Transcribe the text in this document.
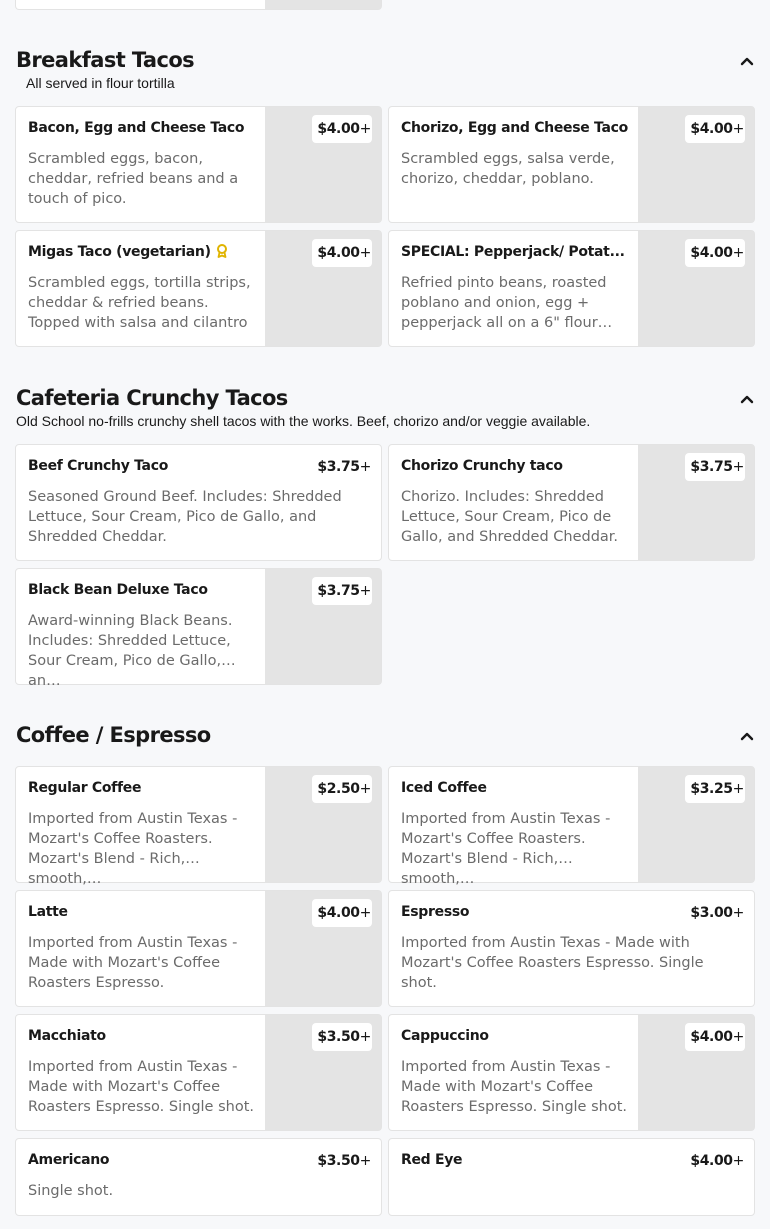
Breakfast Tacos
All served in flour tortilla
Bacon, Egg and Cheese Taco
Scrambled eggs, bacon, cheddar, refried beans and a touch of pico.
$4.00+ Chorizo, Egg and Cheese Taco
Scrambled eggs, salsa verde, chorizo, cheddar, poblano.
$4.00+
Migas Taco (vegetarian)
Scrambled eggs, tortilla strips, cheddar & refried beans. Topped with salsa and cilantro
$4.00+ SPECIAL: Pepperjack/ Potat...
Refried pinto beans, roasted poblano and onion, egg + pepperjack all on a 6" flour…
$4.00+
Cafeteria Crunchy Tacos
Old School no-frills crunchy shell tacos with the works. Beef, chorizo and/or veggie available.
Beef Crunchy Taco
Seasoned Ground Beef. Includes: Shredded Lettuce, Sour Cream, Pico de Gallo, and Shredded Cheddar.
$3.75+ Chorizo Crunchy taco
Chorizo. Includes: Shredded Lettuce, Sour Cream, Pico de Gallo, and Shredded Cheddar.
$3.75+
Black Bean Deluxe Taco
Award-winning Black Beans. Includes: Shredded Lettuce, Sour Cream, Pico de Gallo, an…
$3.75+
Coffee / Espresso
Regular Coffee
Imported from Austin Texas - Mozart's Coffee Roasters. Mozart's Blend - Rich, smooth,…
$2.50+ Iced Coffee
Imported from Austin Texas - Mozart's Coffee Roasters. Mozart's Blend - Rich, smooth,…
$3.25+
Latte
Imported from Austin Texas - Made with Mozart's Coffee Roasters Espresso.
$4.00+ Espresso
Imported from Austin Texas - Made with Mozart's Coffee Roasters Espresso. Single shot.
$3.00+
Macchiato
Imported from Austin Texas - Made with Mozart's Coffee Roasters Espresso. Single shot.
$3.50+ Cappuccino
Imported from Austin Texas - Made with Mozart's Coffee Roasters Espresso. Single shot.
$4.00+
Americano
Single shot.
$3.50+ Red Eye	$4.00+
